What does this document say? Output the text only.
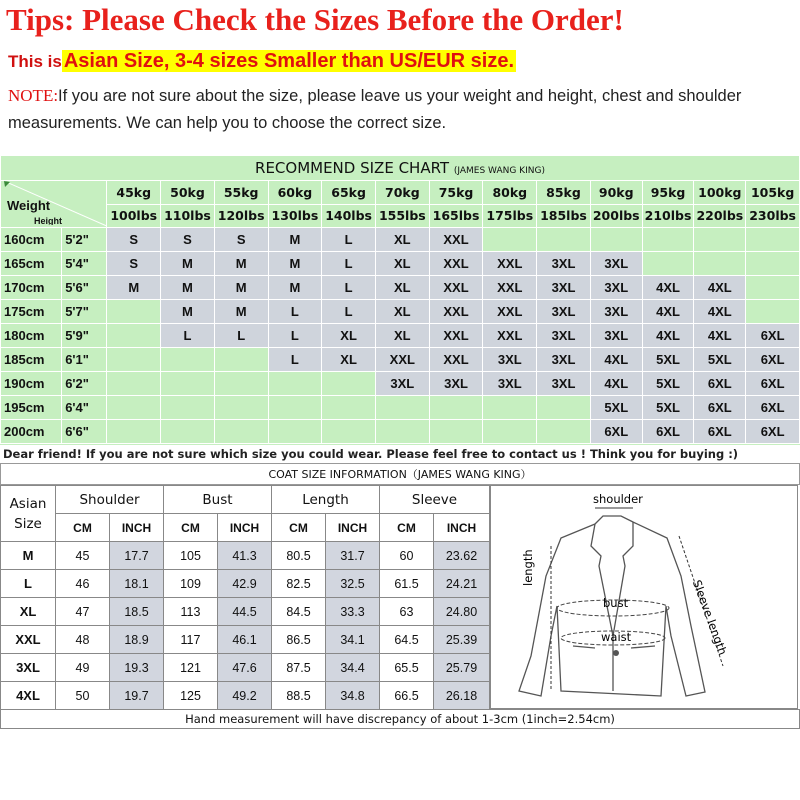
Tips: Please Check the Sizes Before the Order!
This is Asian Size, 3-4 sizes Smaller than US/EUR size.
NOTE:If you are not sure about the size, please leave us your weight and height, chest and shoulder measurements. We can help you to choose the correct size.
RECOMMEND SIZE CHART (JAMES WANG KING)														

Weight
Height		45kg	50kg	55kg	60kg	65kg	70kg	75kg	80kg	85kg	90kg	95kg	100kg	105kg
		100lbs	110lbs	120lbs	130lbs	140lbs	155lbs	165lbs	175lbs	185lbs	200lbs	210lbs	220lbs	230lbs
160cm	5'2"	S	S	S	M	L	XL	XXL						
165cm	5'4"	S	M	M	M	L	XL	XXL	XXL	3XL	3XL			
170cm	5'6"	M	M	M	M	L	XL	XXL	XXL	3XL	3XL	4XL	4XL	
175cm	5'7"		M	M	L	L	XL	XXL	XXL	3XL	3XL	4XL	4XL	
180cm	5'9"		L	L	L	XL	XL	XXL	XXL	3XL	3XL	4XL	4XL	6XL
185cm	6'1"				L	XL	XXL	XXL	3XL	3XL	4XL	5XL	5XL	6XL
190cm	6'2"						3XL	3XL	3XL	3XL	4XL	5XL	6XL	6XL
195cm	6'4"										5XL	5XL	6XL	6XL
200cm	6'6"										6XL	6XL	6XL	6XL
Dear friend! If you are not sure which size you could wear. Please feel free to contact us ! Think you for buying :)
COAT SIZE INFORMATION（JAMES WANG KING）
Asian
Size	Shoulder		Bust		Length		Sleeve	
	CM	INCH	CM	INCH	CM	INCH	CM	INCH
M	45	17.7	105	41.3	80.5	31.7	60	23.62
L	46	18.1	109	42.9	82.5	32.5	61.5	24.21
XL	47	18.5	113	44.5	84.5	33.3	63	24.80
XXL	48	18.9	117	46.1	86.5	34.1	64.5	25.39
3XL	49	19.3	121	47.6	87.5	34.4	65.5	25.79
4XL	50	19.7	125	49.2	88.5	34.8	66.5	26.18
shoulder
length
bust
waist	Sleeve length
Hand measurement will have discrepancy of about 1-3cm (1inch=2.54cm)
